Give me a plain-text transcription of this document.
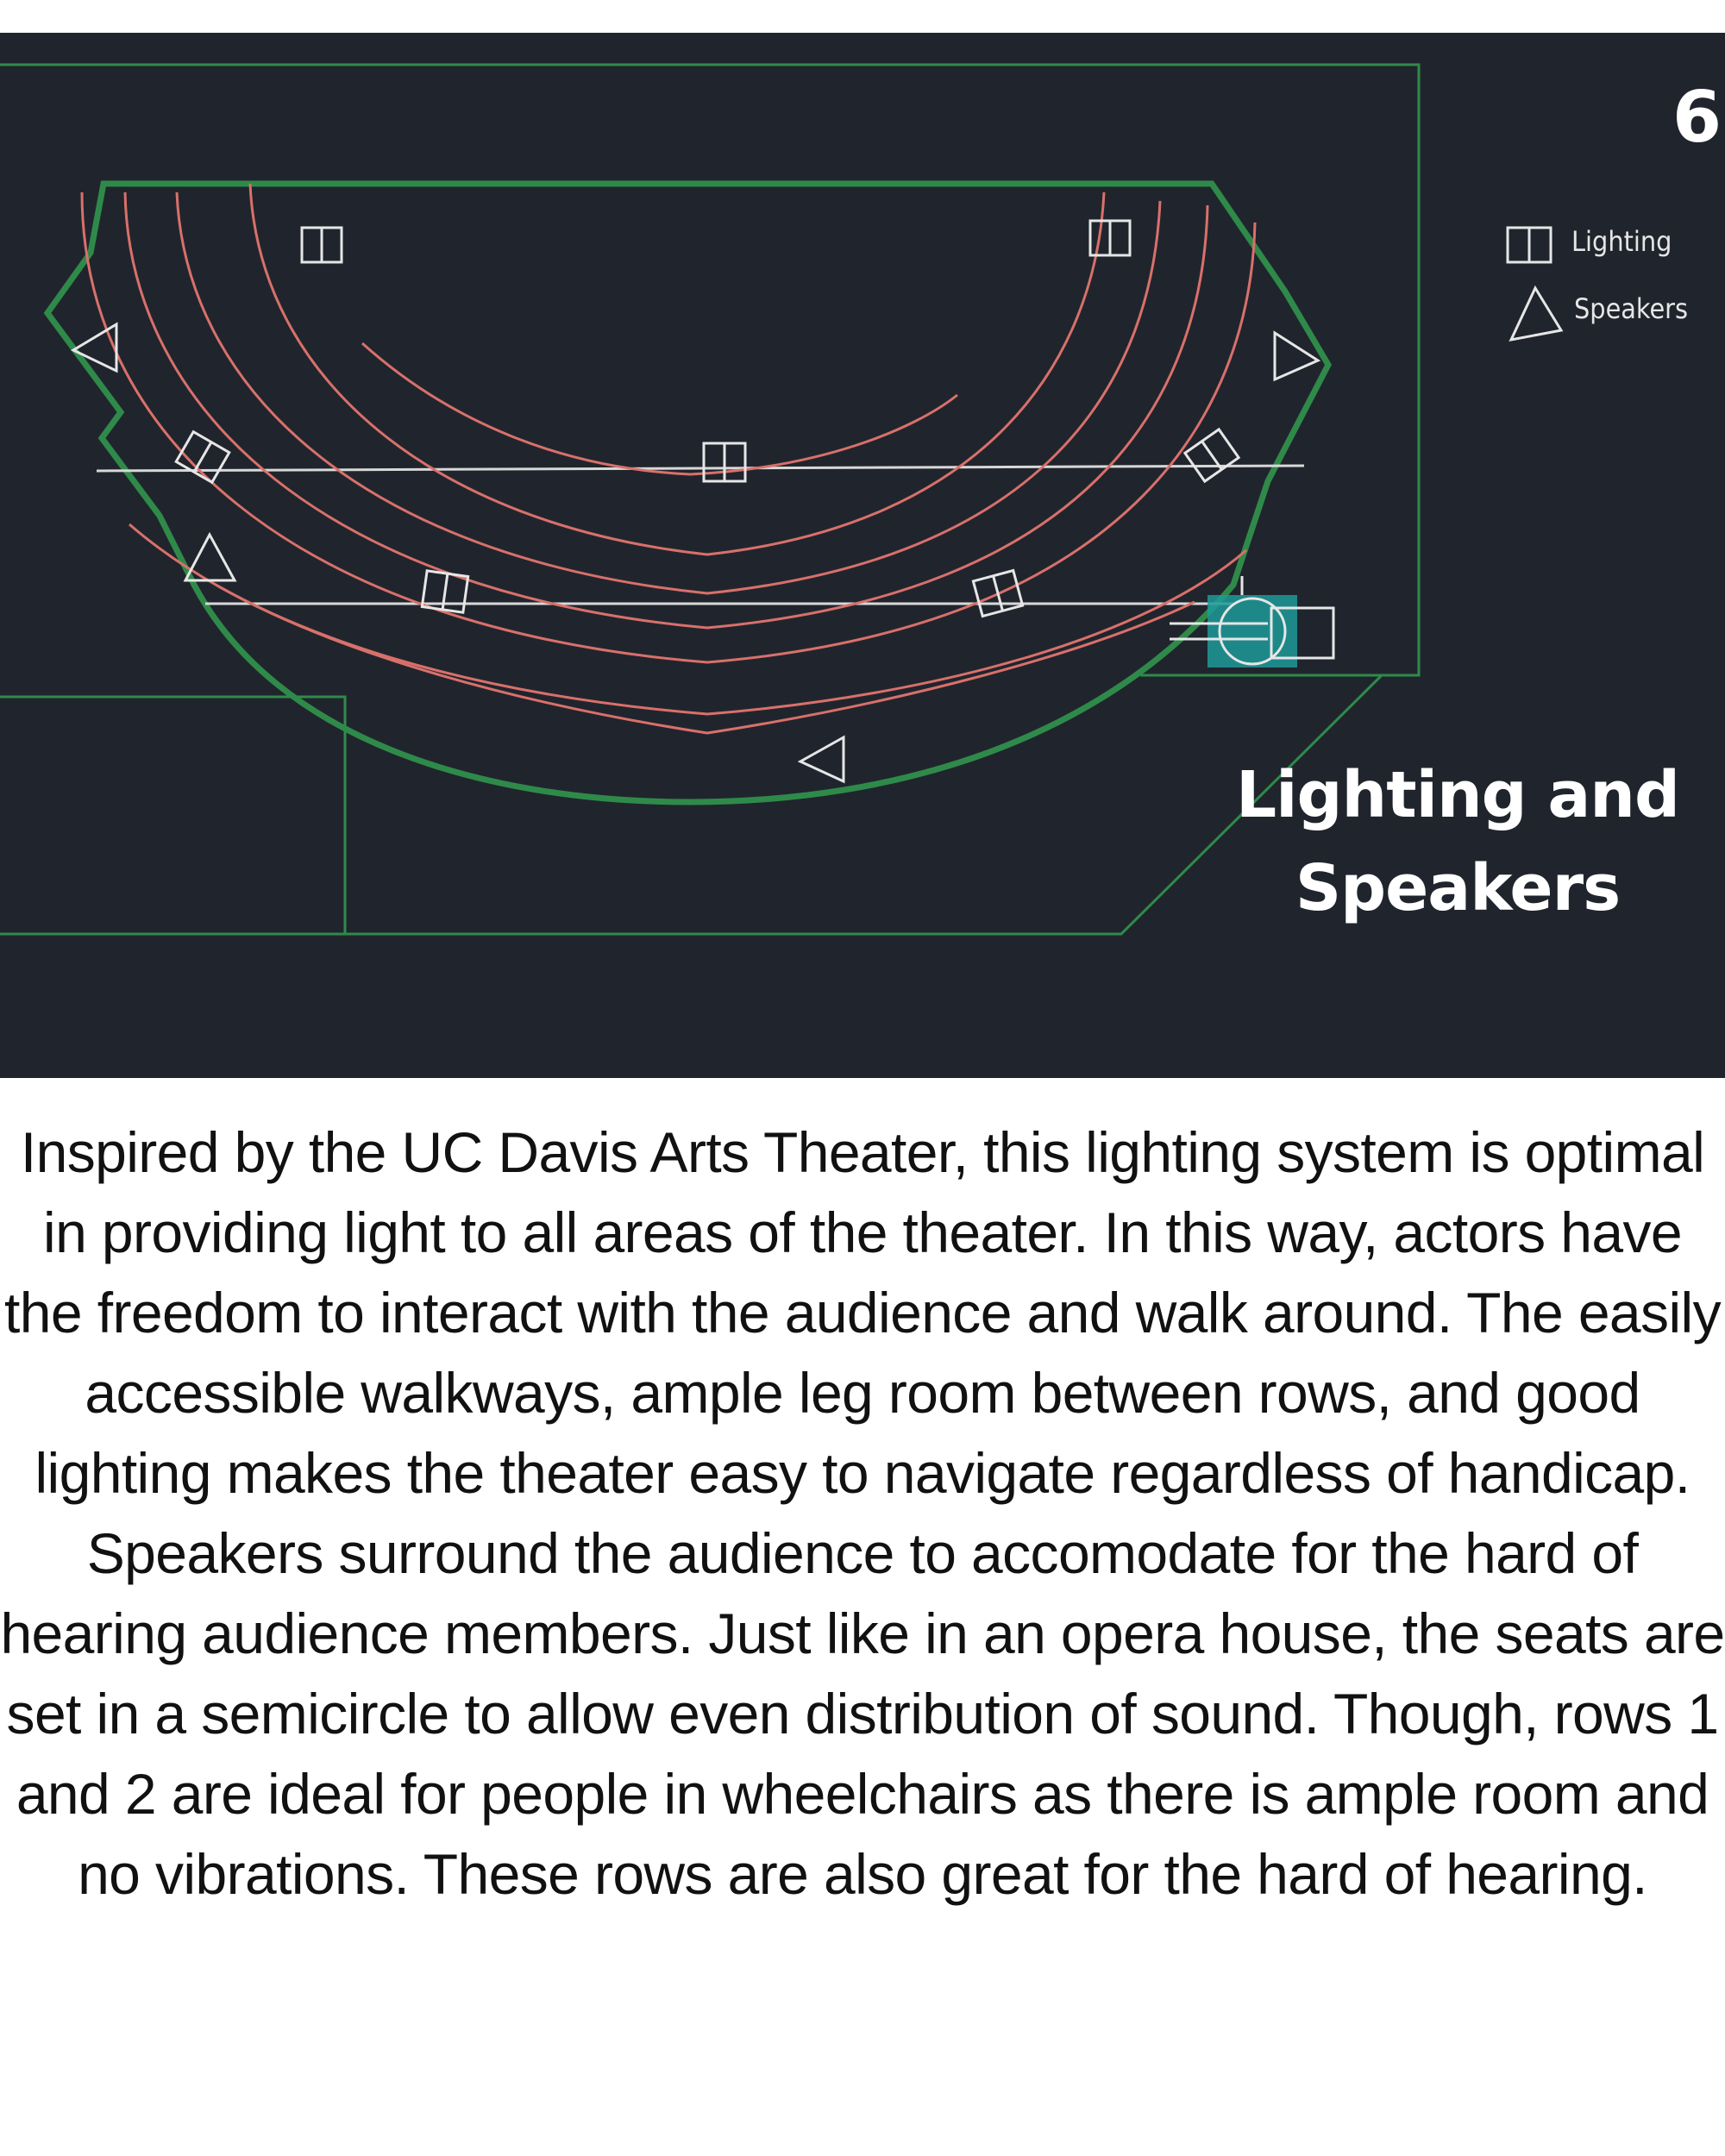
6
Lighting
Speakers
Lighting and
Speakers

Inspired by the UC Davis Arts Theater, this lighting system is optimal in providing light to all areas of the theater. In this way, actors have the freedom to interact with the audience and walk around. The easily accessible walkways, ample leg room between rows, and good lighting makes the theater easy to navigate regardless of handicap. Speakers surround the audience to accomodate for the hard of hearing audience members. Just like in an opera house, the seats are set in a semicircle to allow even distribution of sound. Though, rows 1 and 2 are ideal for people in wheelchairs as there is ample room and no vibrations. These rows are also great for the hard of hearing.
